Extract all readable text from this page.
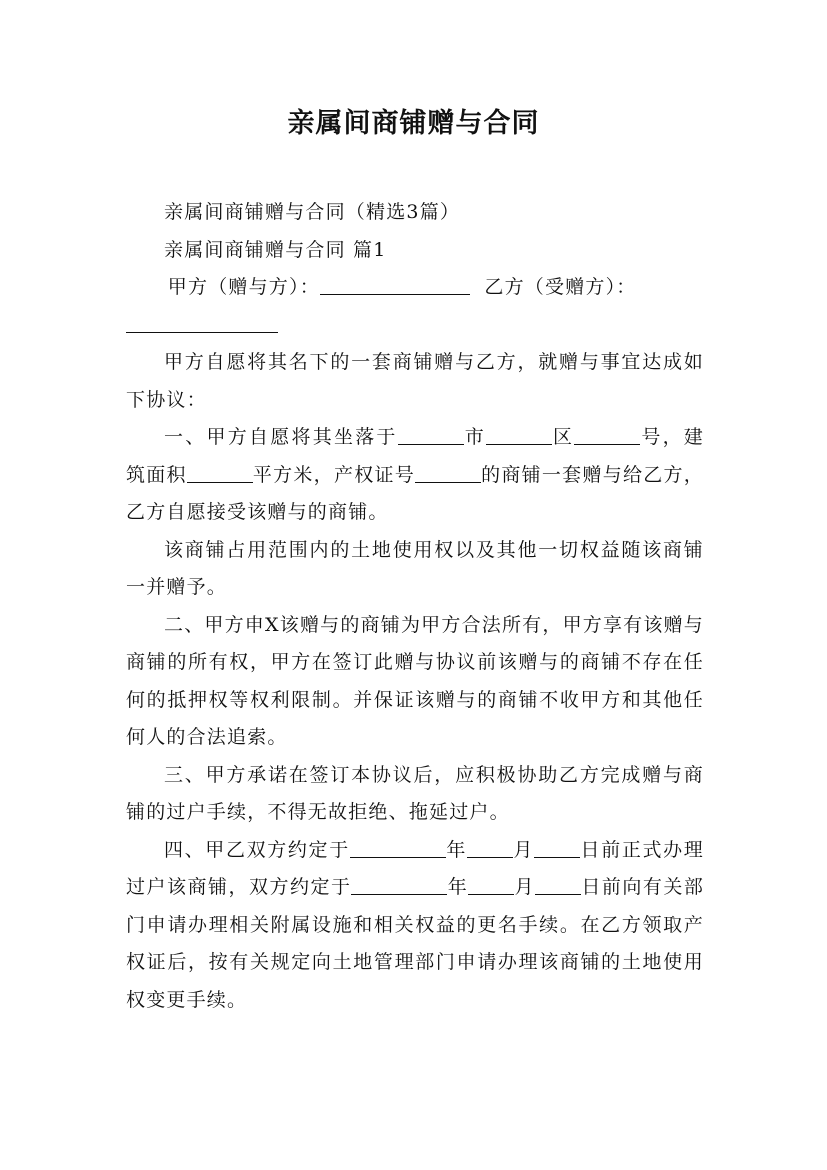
亲属间商铺赠与合同

亲属间商铺赠与合同（精选3篇）

亲属间商铺赠与合同 篇1

甲方（赠与方）：	乙方（受赠方）：

甲方自愿将其名下的一套商铺赠与乙方，就赠与事宜达成如下协议：

一、甲方自愿将其坐落于	市	区	号，建筑面积	平方米，产权证号	的商铺一套赠与给乙方，乙方自愿接受该赠与的商铺。

该商铺占用范围内的土地使用权以及其他一切权益随该商铺一并赠予。

二、甲方申X该赠与的商铺为甲方合法所有，甲方享有该赠与商铺的所有权，甲方在签订此赠与协议前该赠与的商铺不存在任何的抵押权等权利限制。并保证该赠与的商铺不收甲方和其他任何人的合法追索。

三、甲方承诺在签订本协议后，应积极协助乙方完成赠与商铺的过户手续，不得无故拒绝、拖延过户。

四、甲乙双方约定于	年 月 日前正式办理过户该商铺，双方约定于	年 月 日前向有关部门申请办理相关附属设施和相关权益的更名手续。在乙方领取产权证后，按有关规定向土地管理部门申请办理该商铺的土地使用权变更手续。
